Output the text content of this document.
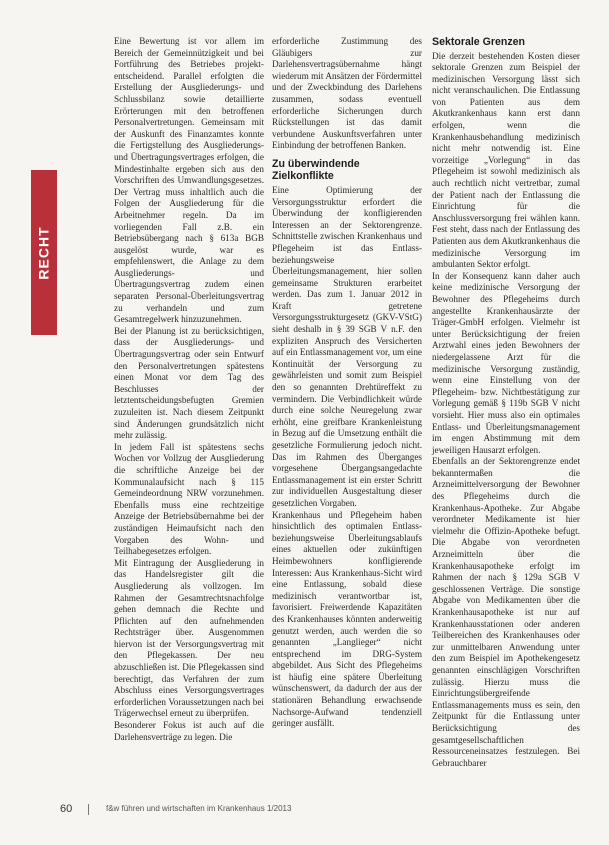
RECHT

Eine Bewertung ist vor allem im Bereich der Gemeinnützigkeit und bei Fortführung des Betriebes projekt-entscheidend. Parallel erfolgten die Erstellung der Ausgliederungs- und Schlussbilanz sowie detaillierte Erörterungen mit den betroffenen Personalvertretungen. Gemeinsam mit der Auskunft des Finanzamtes konnte die Fertigstellung des Ausgliederungs- und Übertragungsvertrages erfolgen, die Mindestinhalte ergeben sich aus den Vorschriften des Umwandlungsgesetzes. Der Vertrag muss inhaltlich auch die Folgen der Ausgliederung für die Arbeitnehmer regeln. Da im vorliegenden Fall z.B. ein Betriebsübergang nach § 613a BGB ausgelöst wurde, war es empfehlenswert, die Anlage zu dem Ausgliederungs- und Übertragungsvertrag zudem einen separaten Personal-Überleitungsvertrag zu verhandeln und zum Gesamtregelwerk hinzuzunehmen.

Bei der Planung ist zu berücksichtigen, dass der Ausgliederungs- und Übertragungsvertrag oder sein Entwurf den Personalvertretungen spätestens einen Monat vor dem Tag des Beschlusses der letztentscheidungsbefugten Gremien zuzuleiten ist. Nach diesem Zeitpunkt sind Änderungen grundsätzlich nicht mehr zulässig.

In jedem Fall ist spätestens sechs Wochen vor Vollzug der Ausgliederung die schriftliche Anzeige bei der Kommunalaufsicht nach § 115 Gemeindeordnung NRW vorzunehmen. Ebenfalls muss eine rechtzeitige Anzeige der Betriebsübernahme bei der zuständigen Heimaufsicht nach den Vorgaben des Wohn- und Teilhabegesetzes erfolgen.

Mit Eintragung der Ausgliederung in das Handelsregister gilt die Ausgliederung als vollzogen. Im Rahmen der Gesamtrechtsnachfolge gehen demnach die Rechte und Pflichten auf den aufnehmenden Rechtsträger über. Ausgenommen hiervon ist der Versorgungsvertrag mit den Pflegekassen. Der neu abzuschließen ist. Die Pflegekassen sind berechtigt, das Verfahren der zum Abschluss eines Versorgungsvertrages erforderlichen Voraussetzungen nach bei Trägerwechsel erneut zu überprüfen.

Besonderer Fokus ist auch auf die Darlehensverträge zu legen. Die

erforderliche Zustimmung des Gläubigers zur Darlehensvertragsübernahme hängt wiederum mit Ansätzen der Fördermittel und der Zweckbindung des Darlehens zusammen, sodass eventuell erforderliche Sicherungen durch Rückstellungen ist das damit verbundene Auskunftsverfahren unter Einbindung der betroffenen Banken.

Zu überwindende Zielkonflikte

Eine Optimierung der Versorgungsstruktur erfordert die Überwindung der konfligierenden Interessen an der Sektorengrenze. Schnittstelle zwischen Krankenhaus und Pflegeheim ist das Entlass- beziehungsweise Überleitungsmanagement, hier sollen gemeinsame Strukturen erarbeitet werden. Das zum 1. Januar 2012 in Kraft getretene Versorgungsstrukturgesetz (GKV-VStG) sieht deshalb in § 39 SGB V n.F. den expliziten Anspruch des Versicherten auf ein Entlassmanagement vor, um eine Kontinuität der Versorgung zu gewährleisten und somit zum Beispiel den so genannten Drehtüreffekt zu vermindern. Die Verbindlichkeit würde durch eine solche Neuregelung zwar erhöht, eine greifbare Krankenleistung in Bezug auf die Umsetzung enthält die gesetzliche Formulierung jedoch nicht. Das im Rahmen des Überganges vorgesehene Übergangsangedachte Entlassmanagement ist ein erster Schritt zur individuellen Ausgestaltung dieser gesetzlichen Vorgaben.

Krankenhaus und Pflegeheim haben hinsichtlich des optimalen Entlass- beziehungsweise Überleitungsablaufs eines aktuellen oder zukünftigen Heimbewohners konfligierende Interessen: Aus Krankenhaus-Sicht wird eine Entlassung, sobald diese medizinisch verantwortbar ist, favorisiert. Freiwerdende Kapazitäten des Krankenhauses könnten anderweitig genutzt werden, auch werden die so genannten „Langlieger“ nicht entsprechend im DRG-System abgebildet. Aus Sicht des Pflegeheims ist häufig eine spätere Überleitung wünschenswert, da dadurch der aus der stationären Behandlung erwachsende Nachsorge-Aufwand tendenziell geringer ausfällt.

Sektorale Grenzen

Die derzeit bestehenden Kosten dieser sektorale Grenzen zum Beispiel der medizinischen Versorgung lässt sich nicht veranschaulichen. Die Entlassung von Patienten aus dem Akutkrankenhaus kann erst dann erfolgen, wenn die Krankenhausbehandlung medizinisch nicht mehr notwendig ist. Eine vorzeitige „Vorlegung“ in das Pflegeheim ist sowohl medizinisch als auch rechtlich nicht vertretbar, zumal der Patient nach der Entlassung die Einrichtung für die Anschlussversorgung frei wählen kann. Fest steht, dass nach der Entlassung des Patienten aus dem Akutkrankenhaus die medizinische Versorgung im ambulanten Sektor erfolgt.

In der Konsequenz kann daher auch keine medizinische Versorgung der Bewohner des Pflegeheims durch angestellte Krankenhausärzte der Träger-GmbH erfolgen. Vielmehr ist unter Berücksichtigung der freien Arztwahl eines jeden Bewohners der niedergelassene Arzt für die medizinische Versorgung zuständig, wenn eine Einstellung von der Pflegeheim- bzw. Nichtbestätigung zur Vorlegung gemäß § 119b SGB V nicht vorsieht. Hier muss also ein optimales Entlass- und Überleitungsmanagement im engen Abstimmung mit dem jeweiligen Hausarzt erfolgen.

Ebenfalls an der Sektorengrenze endet bekanntermaßen die Arzneimittelversorgung der Bewohner des Pflegeheims durch die Krankenhaus-Apotheke. Zur Abgabe verordneter Medikamente ist hier vielmehr die Offizin-Apotheke befugt. Die Abgabe von verordneten Arzneimitteln über die Krankenhausapotheke erfolgt im Rahmen der nach § 129a SGB V geschlossenen Verträge. Die sonstige Abgabe von Medikamenten über die Krankenhausapotheke ist nur auf Krankenhausstationen oder anderen Teilbereichen des Krankenhauses oder zur unmittelbaren Anwendung unter den zum Beispiel im Apothekengesetz genannten einschlägigen Vorschriften zulässig. Hierzu muss die Einrichtungsübergreifende Entlassmanagements muss es sein, den Zeitpunkt für die Entlassung unter Berücksichtigung des gesamtgesellschaftlichen Ressourceneinsatzes festzulegen. Bei Gebrauchbarer

60	f&w führen und wirtschaften im Krankenhaus 1/2013
